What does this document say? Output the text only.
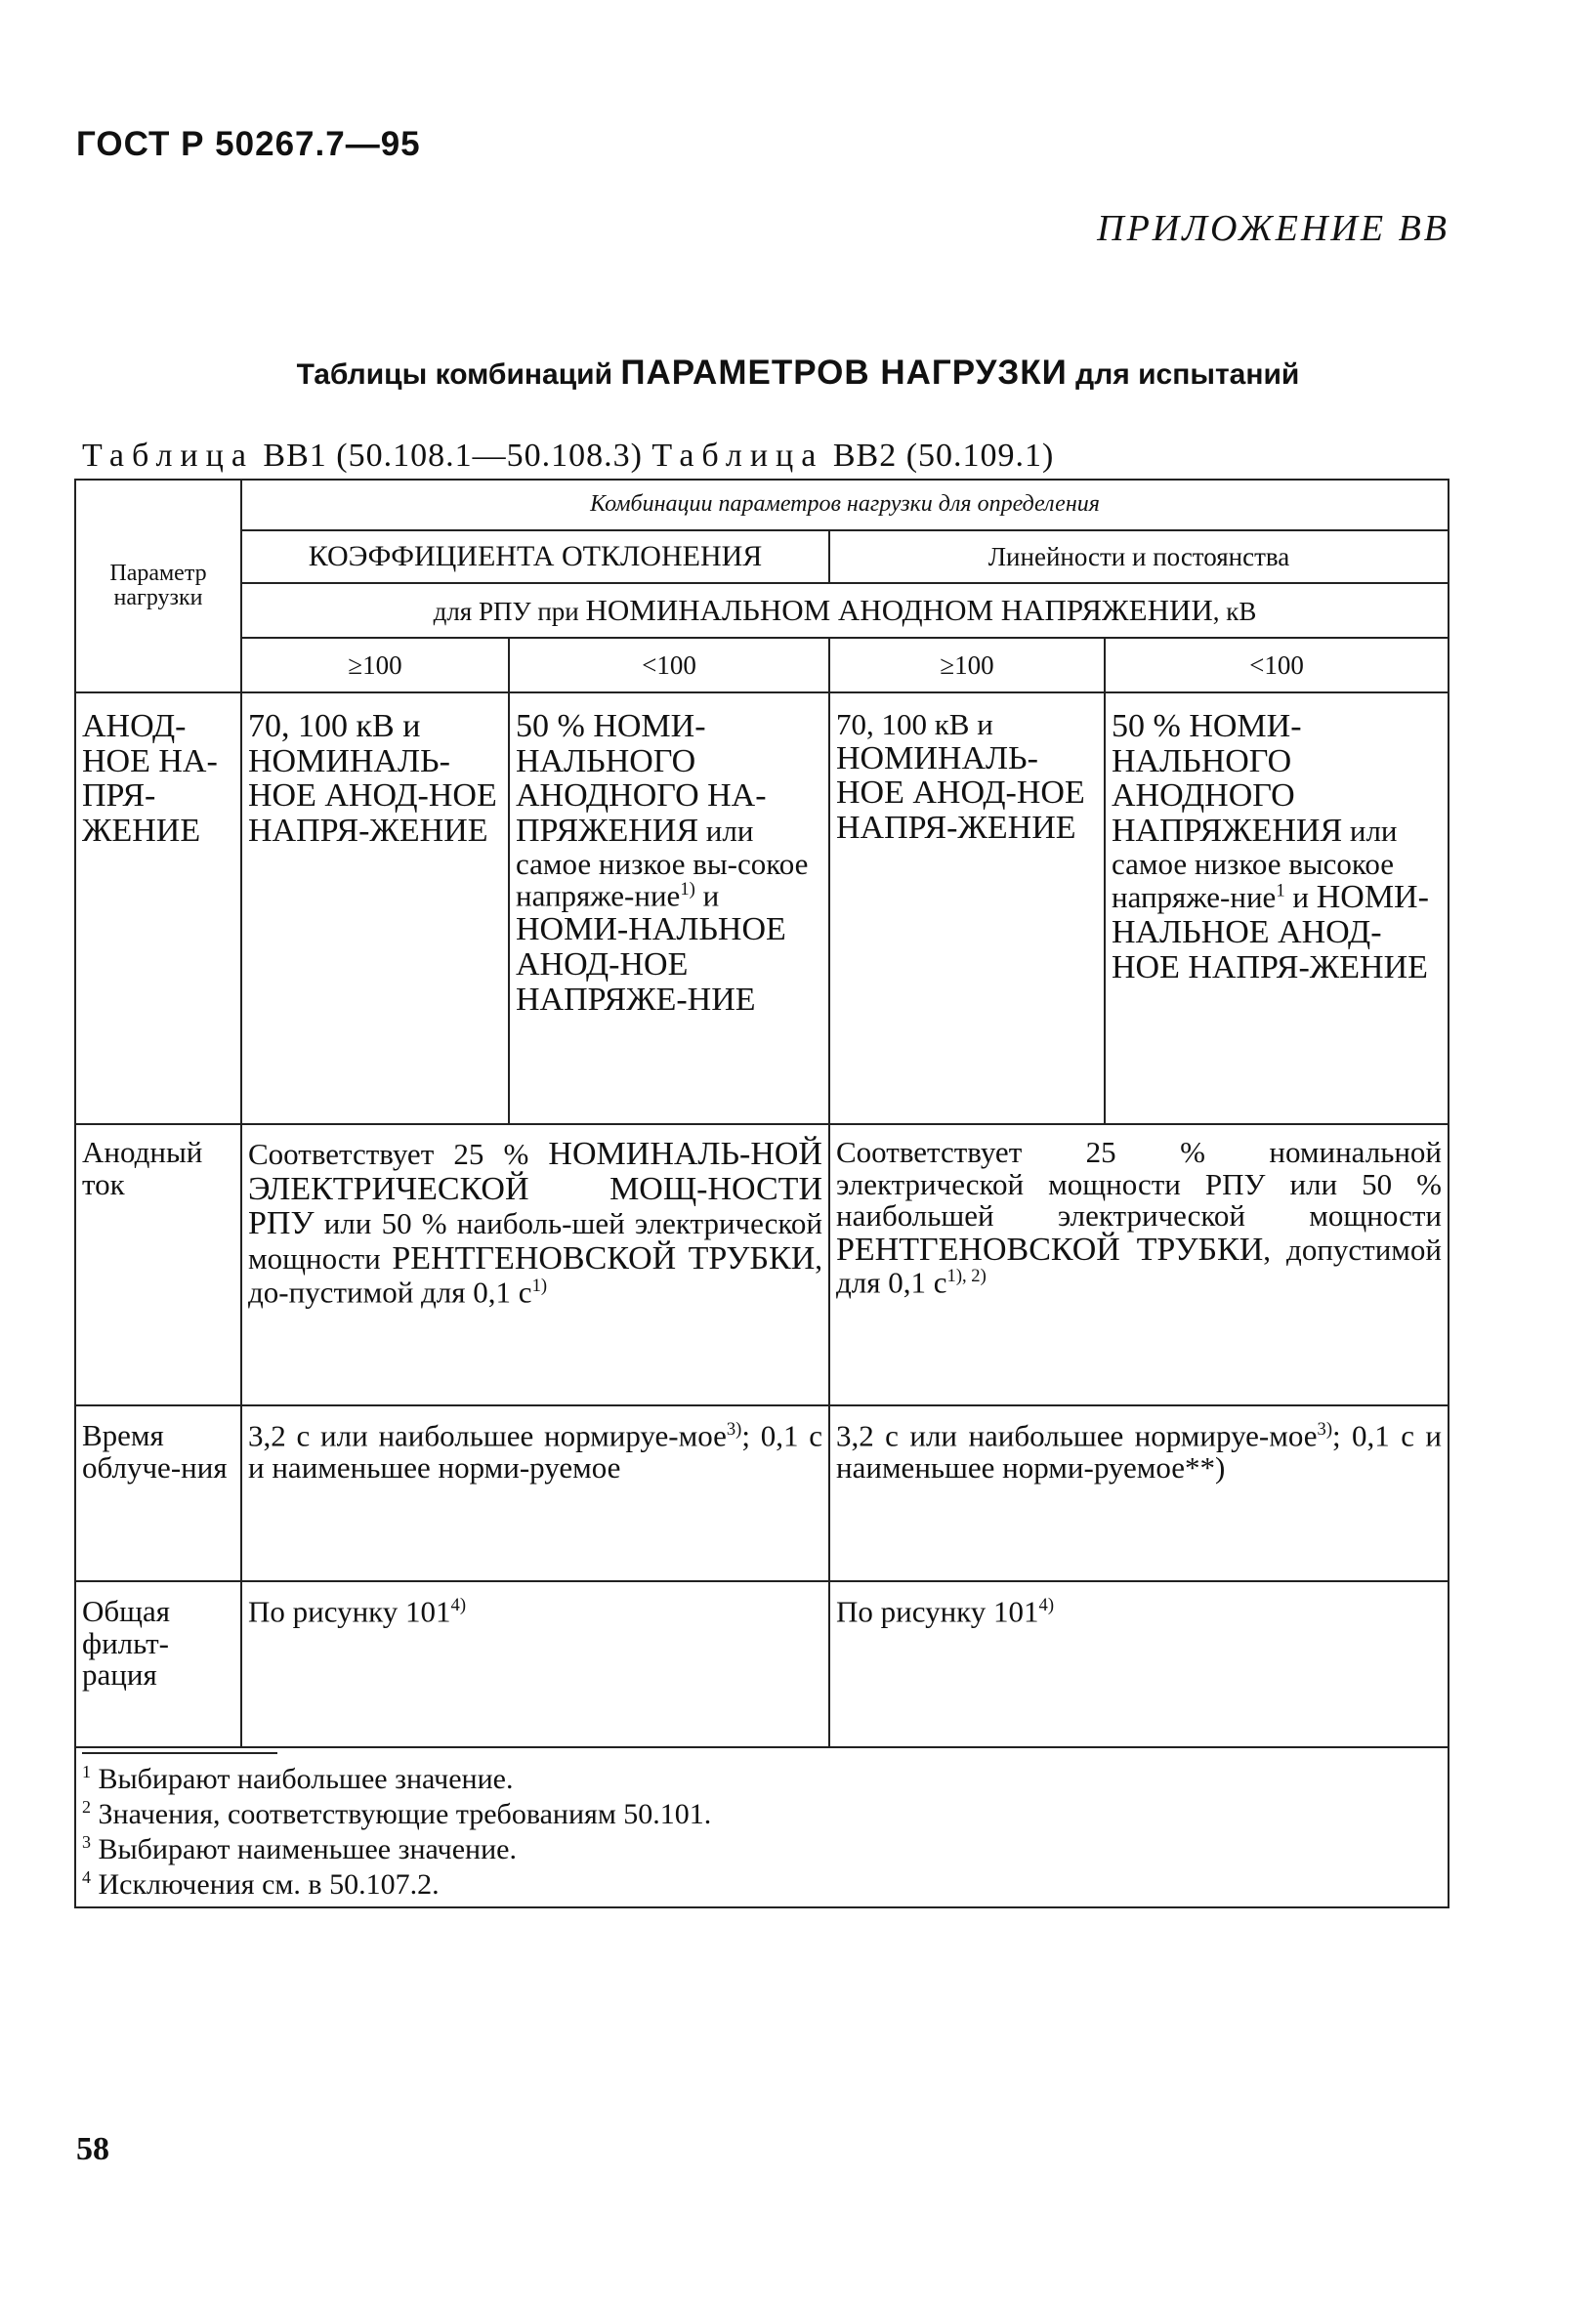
ГОСТ Р 50267.7—95
ПРИЛОЖЕНИЕ ВВ
Таблицы комбинаций ПАРАМЕТРОВ НАГРУЗКИ для испытаний
Таблица ВВ1 (50.108.1—50.108.3) Таблица ВВ2 (50.109.1)
Параметр нагрузки	Комбинации параметров нагрузки для определения			
	КОЭФФИЦИЕНТА ОТКЛОНЕНИЯ		Линейности и постоянства	
	для РПУ при НОМИНАЛЬНОМ АНОДНОМ НАПРЯЖЕНИИ, кВ			
	≥100	<100	≥100	<100
АНОД-НОЕ НА-ПРЯ-ЖЕНИЕ	70, 100 кВ и НОМИНАЛЬ-НОЕ АНОД-НОЕ НАПРЯ-ЖЕНИЕ	50 % НОМИ-НАЛЬНОГО АНОДНОГО НА-ПРЯЖЕНИЯ или самое низкое вы-сокое напряже-ние$^{1)}$ и НОМИ-НАЛЬНОЕ АНОД-НОЕ НАПРЯЖЕ-НИЕ	70, 100 кВ и НОМИНАЛЬ-НОЕ АНОД-НОЕ НАПРЯ-ЖЕНИЕ	50 % НОМИ-НАЛЬНОГО АНОДНОГО НАПРЯЖЕНИЯ или самое низкое высокое напряже-ние$^1$ и НОМИ-НАЛЬНОЕ АНОД-НОЕ НАПРЯ-ЖЕНИЕ
Анодный ток	Соответствует 25 % НОМИНАЛЬ-НОЙ ЭЛЕКТРИЧЕСКОЙ МОЩ-НОСТИ РПУ или 50 % наиболь-шей электрической мощности РЕНТГЕНОВСКОЙ ТРУБКИ, до-пустимой для 0,1 $с^{1)}$		Соответствует 25 % номинальной электрической мощности РПУ или 50 % наибольшей электрической мощности РЕНТГЕНОВСКОЙ ТРУБКИ, допустимой для 0,1 $с^{1), 2)}$
Время облуче-ния	3,2 с или наибольшее нормируе-мое$^{3)}$; 0,1 с и наименьшее норми-руемое		3,2 с или наибольшее нормируе-мое$^{3)}$; 0,1 с и наименьшее норми-руемое**)	
Общая фильт-рация	По рисунку 101$^{4)}$		По рисунку 101$^{4)}$

$^1$ Выбирают наибольшее значение.
$^2$ Значения, соответствующие требованиям 50.101.
$^3$ Выбирают наименьшее значение.
$^4$ Исключения см. в 50.107.2.				
58
